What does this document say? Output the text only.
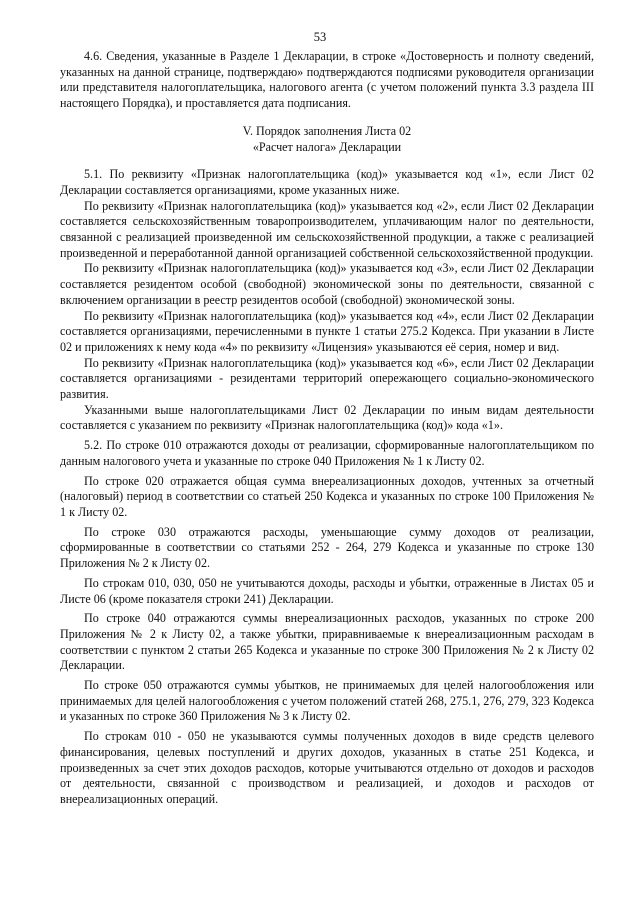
53

4.6. Сведения, указанные в Разделе 1 Декларации, в строке «Достоверность и полноту сведений, указанных на данной странице, подтверждаю» подтверждаются подписями руководителя организации или представителя налогоплательщика, налогового агента (с учетом положений пункта 3.3 раздела III настоящего Порядка), и проставляется дата подписания.

V. Порядок заполнения Листа 02
«Расчет налога» Декларации

5.1. По реквизиту «Признак налогоплательщика (код)» указывается код «1», если Лист 02 Декларации составляется организациями, кроме указанных ниже.

По реквизиту «Признак налогоплательщика (код)» указывается код «2», если Лист 02 Декларации составляется сельскохозяйственным товаропроизводителем, уплачивающим налог по деятельности, связанной с реализацией произведенной им сельскохозяйственной продукции, а также с реализацией произведенной и переработанной данной организацией собственной сельскохозяйственной продукции.

По реквизиту «Признак налогоплательщика (код)» указывается код «3», если Лист 02 Декларации составляется резидентом особой (свободной) экономической зоны по деятельности, связанной с включением организации в реестр резидентов особой (свободной) экономической зоны.

По реквизиту «Признак налогоплательщика (код)» указывается код «4», если Лист 02 Декларации составляется организациями, перечисленными в пункте 1 статьи 275.2 Кодекса. При указании в Листе 02 и приложениях к нему кода «4» по реквизиту «Лицензия» указываются её серия, номер и вид.

По реквизиту «Признак налогоплательщика (код)» указывается код «6», если Лист 02 Декларации составляется организациями - резидентами территорий опережающего социально-экономического развития.

Указанными выше налогоплательщиками Лист 02 Декларации по иным видам деятельности составляется с указанием по реквизиту «Признак налогоплательщика (код)» кода «1».

5.2. По строке 010 отражаются доходы от реализации, сформированные налогоплательщиком по данным налогового учета и указанные по строке 040 Приложения № 1 к Листу 02.

По строке 020 отражается общая сумма внереализационных доходов, учтенных за отчетный (налоговый) период в соответствии со статьей 250 Кодекса и указанных по строке 100 Приложения № 1 к Листу 02.

По строке 030 отражаются расходы, уменьшающие сумму доходов от реализации, сформированные в соответствии со статьями 252 - 264, 279 Кодекса и указанные по строке 130 Приложения № 2 к Листу 02.

По строкам 010, 030, 050 не учитываются доходы, расходы и убытки, отраженные в Листах 05 и Листе 06 (кроме показателя строки 241) Декларации.

По строке 040 отражаются суммы внереализационных расходов, указанных по строке 200 Приложения № 2 к Листу 02, а также убытки, приравниваемые к внереализационным расходам в соответствии с пунктом 2 статьи 265 Кодекса и указанные по строке 300 Приложения № 2 к Листу 02 Декларации.

По строке 050 отражаются суммы убытков, не принимаемых для целей налогообложения или принимаемых для целей налогообложения с учетом положений статей 268, 275.1, 276, 279, 323 Кодекса и указанных по строке 360 Приложения № 3 к Листу 02.

По строкам 010 - 050 не указываются суммы полученных доходов в виде средств целевого финансирования, целевых поступлений и других доходов, указанных в статье 251 Кодекса, и произведенных за счет этих доходов расходов, которые учитываются отдельно от доходов и расходов от деятельности, связанной с производством и реализацией, и доходов и расходов от внереализационных операций.
